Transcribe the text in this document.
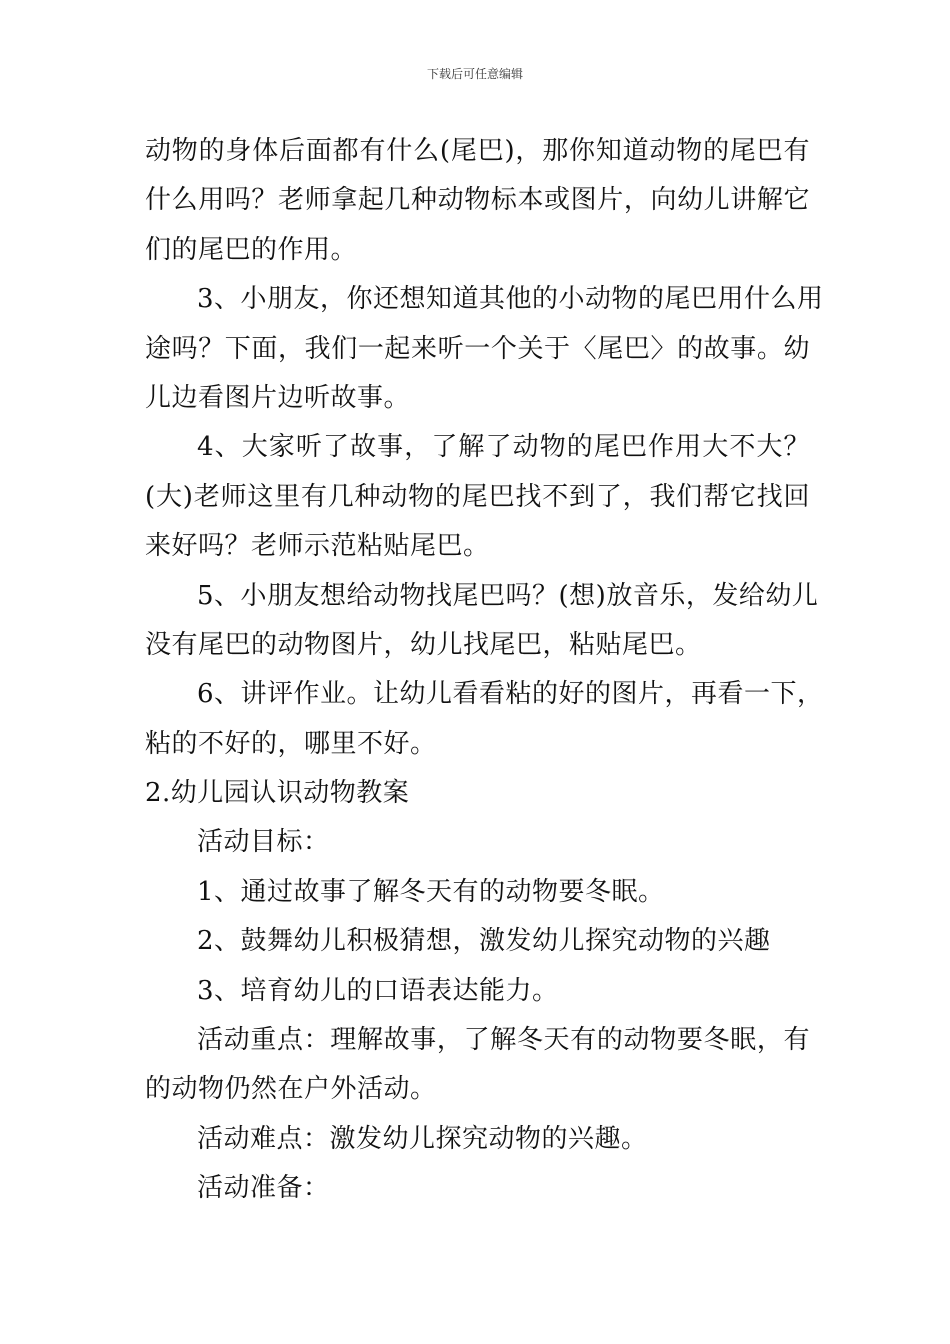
下载后可任意编辑
动物的身体后面都有什么(尾巴)，那你知道动物的尾巴有
什么用吗？老师拿起几种动物标本或图片，向幼儿讲解它
们的尾巴的作用。
3、小朋友，你还想知道其他的小动物的尾巴用什么用
途吗？下面，我们一起来听一个关于〈尾巴〉的故事。幼
儿边看图片边听故事。
4、大家听了故事，了解了动物的尾巴作用大不大？
(大)老师这里有几种动物的尾巴找不到了，我们帮它找回
来好吗？老师示范粘贴尾巴。
5、小朋友想给动物找尾巴吗？(想)放音乐，发给幼儿
没有尾巴的动物图片，幼儿找尾巴，粘贴尾巴。
6、讲评作业。让幼儿看看粘的好的图片，再看一下，
粘的不好的，哪里不好。
2.幼儿园认识动物教案
活动目标：
1、通过故事了解冬天有的动物要冬眠。
2、鼓舞幼儿积极猜想，激发幼儿探究动物的兴趣
3、培育幼儿的口语表达能力。
活动重点：理解故事，了解冬天有的动物要冬眠，有
的动物仍然在户外活动。
活动难点：激发幼儿探究动物的兴趣。
活动准备：
